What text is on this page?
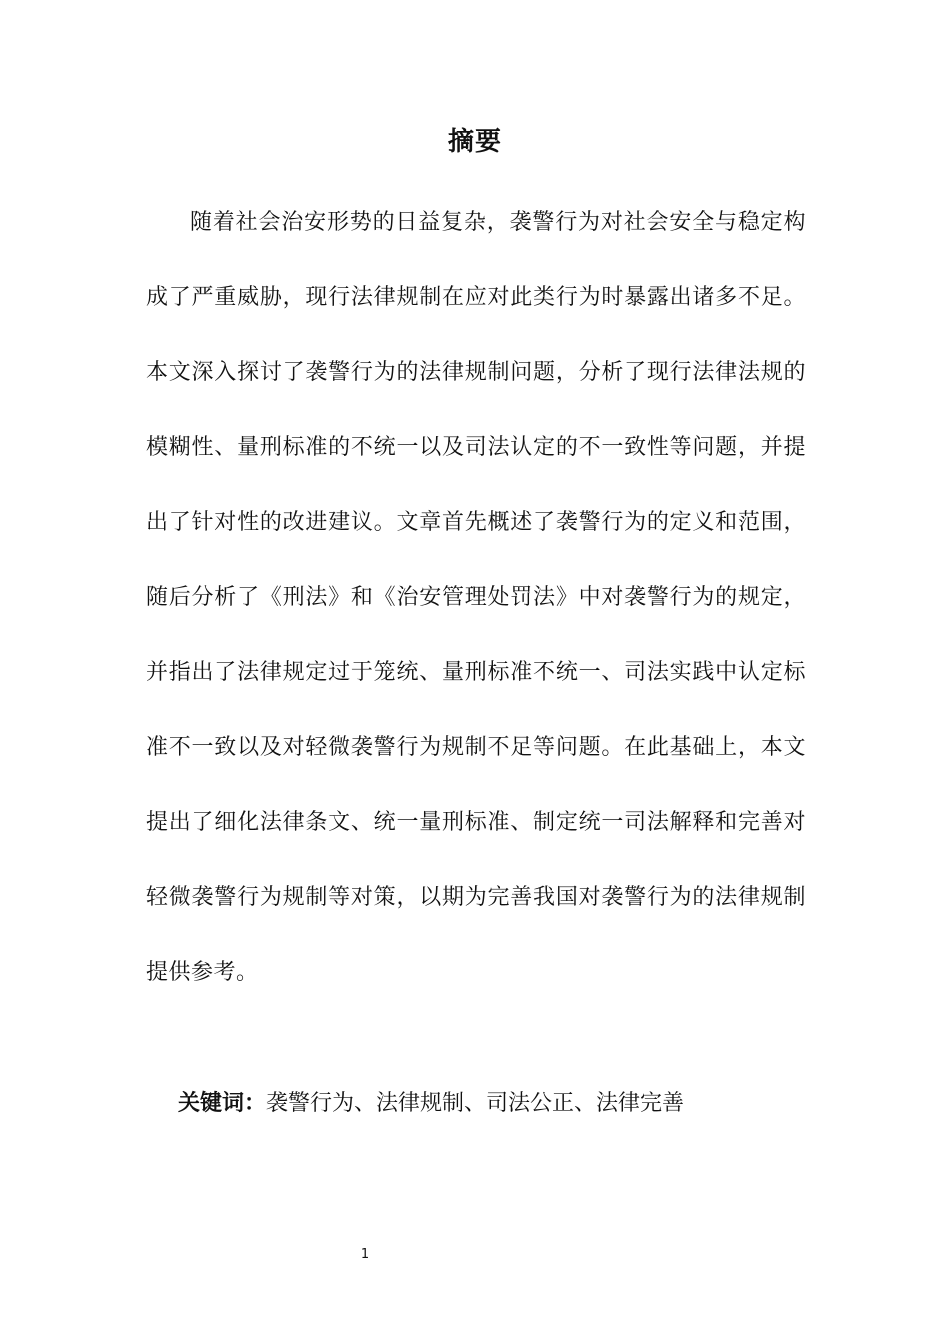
摘要

随着社会治安形势的日益复杂，袭警行为对社会安全与稳定构成了严重威胁，现行法律规制在应对此类行为时暴露出诸多不足。本文深入探讨了袭警行为的法律规制问题，分析了现行法律法规的模糊性、量刑标准的不统一以及司法认定的不一致性等问题，并提出了针对性的改进建议。文章首先概述了袭警行为的定义和范围，随后分析了《刑法》和《治安管理处罚法》中对袭警行为的规定，并指出了法律规定过于笼统、量刑标准不统一、司法实践中认定标准不一致以及对轻微袭警行为规制不足等问题。在此基础上，本文提出了细化法律条文、统一量刑标准、制定统一司法解释和完善对轻微袭警行为规制等对策，以期为完善我国对袭警行为的法律规制提供参考。

关键词：袭警行为、法律规制、司法公正、法律完善
1
